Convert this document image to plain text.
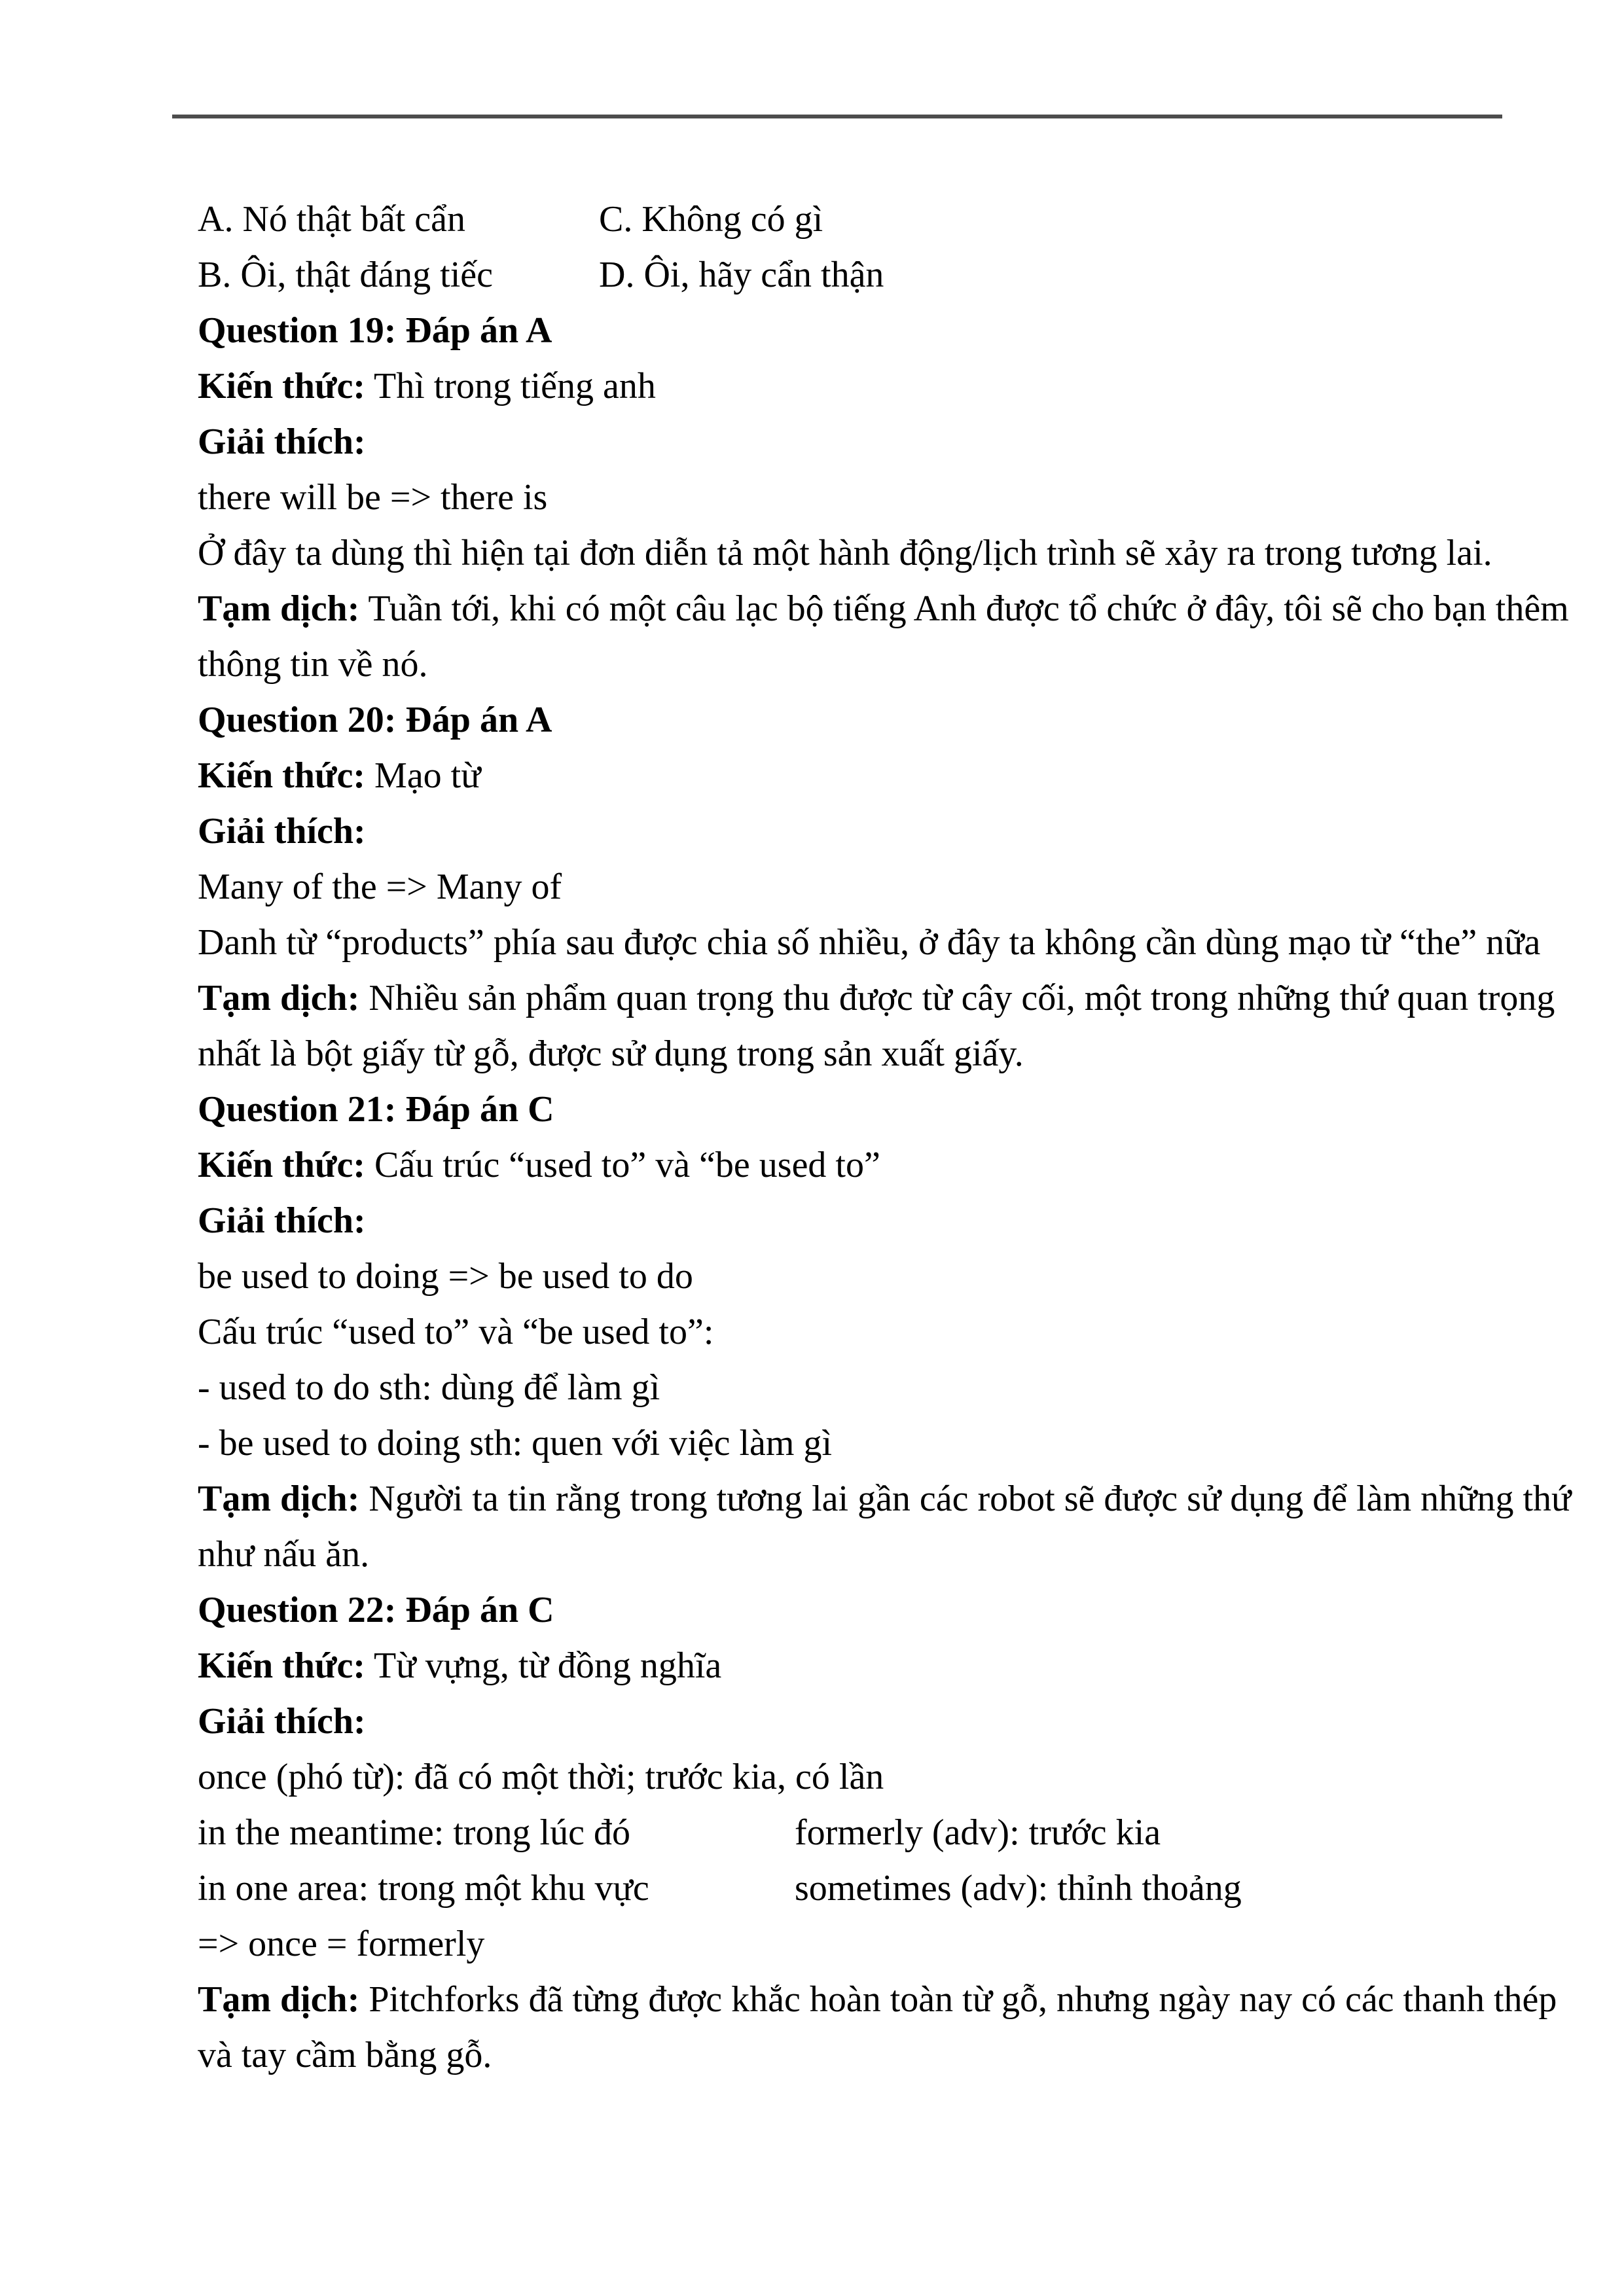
A. Nó thật bất cẩn	C. Không có gì
B. Ôi, thật đáng tiếc	D. Ôi, hãy cẩn thận
Question 19: Đáp án A
Kiến thức: Thì trong tiếng anh
Giải thích:
there will be => there is
Ở đây ta dùng thì hiện tại đơn diễn tả một hành động/lịch trình sẽ xảy ra trong tương lai.
Tạm dịch: Tuần tới, khi có một câu lạc bộ tiếng Anh được tổ chức ở đây, tôi sẽ cho bạn thêm
thông tin về nó.
Question 20: Đáp án A
Kiến thức: Mạo từ
Giải thích:
Many of the => Many of
Danh từ “products” phía sau được chia số nhiều, ở đây ta không cần dùng mạo từ “the” nữa
Tạm dịch: Nhiều sản phẩm quan trọng thu được từ cây cối, một trong những thứ quan trọng
nhất là bột giấy từ gỗ, được sử dụng trong sản xuất giấy.
Question 21: Đáp án C
Kiến thức: Cấu trúc “used to” và “be used to”
Giải thích:
be used to doing => be used to do
Cấu trúc “used to” và “be used to”:
- used to do sth: dùng để làm gì
- be used to doing sth: quen với việc làm gì
Tạm dịch: Người ta tin rằng trong tương lai gần các robot sẽ được sử dụng để làm những thứ
như nấu ăn.
Question 22: Đáp án C
Kiến thức: Từ vựng, từ đồng nghĩa
Giải thích:
once (phó từ): đã có một thời; trước kia, có lần
in the meantime: trong lúc đó	formerly (adv): trước kia
in one area: trong một khu vực	sometimes (adv): thỉnh thoảng
=> once = formerly
Tạm dịch: Pitchforks đã từng được khắc hoàn toàn từ gỗ, nhưng ngày nay có các thanh thép
và tay cầm bằng gỗ.
